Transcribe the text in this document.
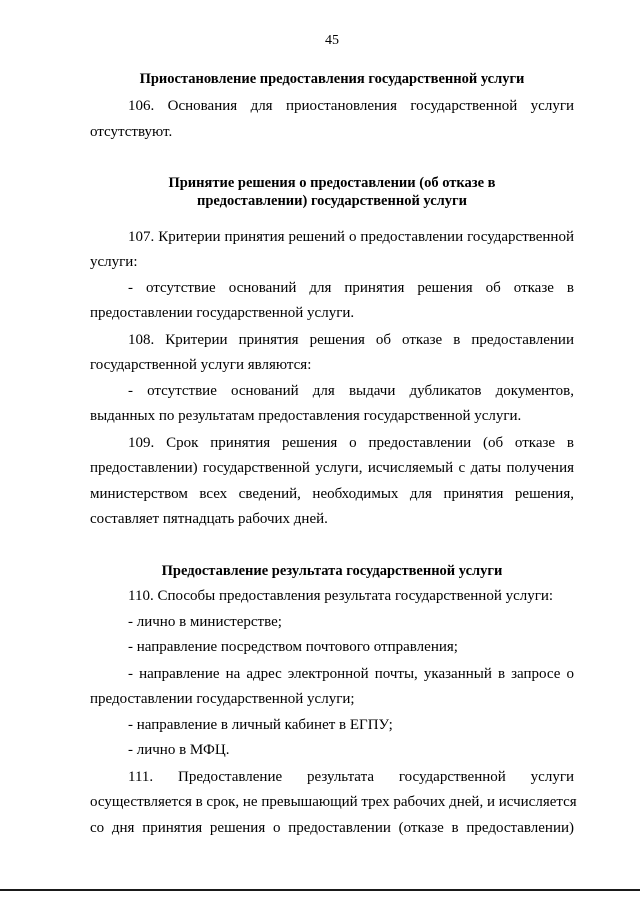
45
Приостановление предоставления государственной услуги
106. Основания для приостановления государственной услуги
отсутствуют.
Принятие решения о предоставлении (об отказе в
предоставлении) государственной услуги
107. Критерии принятия решений о предоставлении государственной
услуги:
- отсутствие оснований для принятия решения об отказе в
предоставлении государственной услуги.
108. Критерии принятия решения об отказе в предоставлении
государственной услуги являются:
- отсутствие оснований для выдачи дубликатов документов,
выданных по результатам предоставления государственной услуги.
109. Срок принятия решения о предоставлении (об отказе в
предоставлении) государственной услуги, исчисляемый с даты получения
министерством всех сведений, необходимых для принятия решения,
составляет пятнадцать рабочих дней.
Предоставление результата государственной услуги
110. Способы предоставления результата государственной услуги:
- лично в министерстве;
- направление посредством почтового отправления;
- направление на адрес электронной почты, указанный в запросе о
предоставлении государственной услуги;
- направление в личный кабинет в ЕГПУ;
- лично в МФЦ.
111. Предоставление результата государственной услуги
осуществляется в срок, не превышающий трех рабочих дней, и исчисляется
со дня принятия решения о предоставлении (отказе в предоставлении)
